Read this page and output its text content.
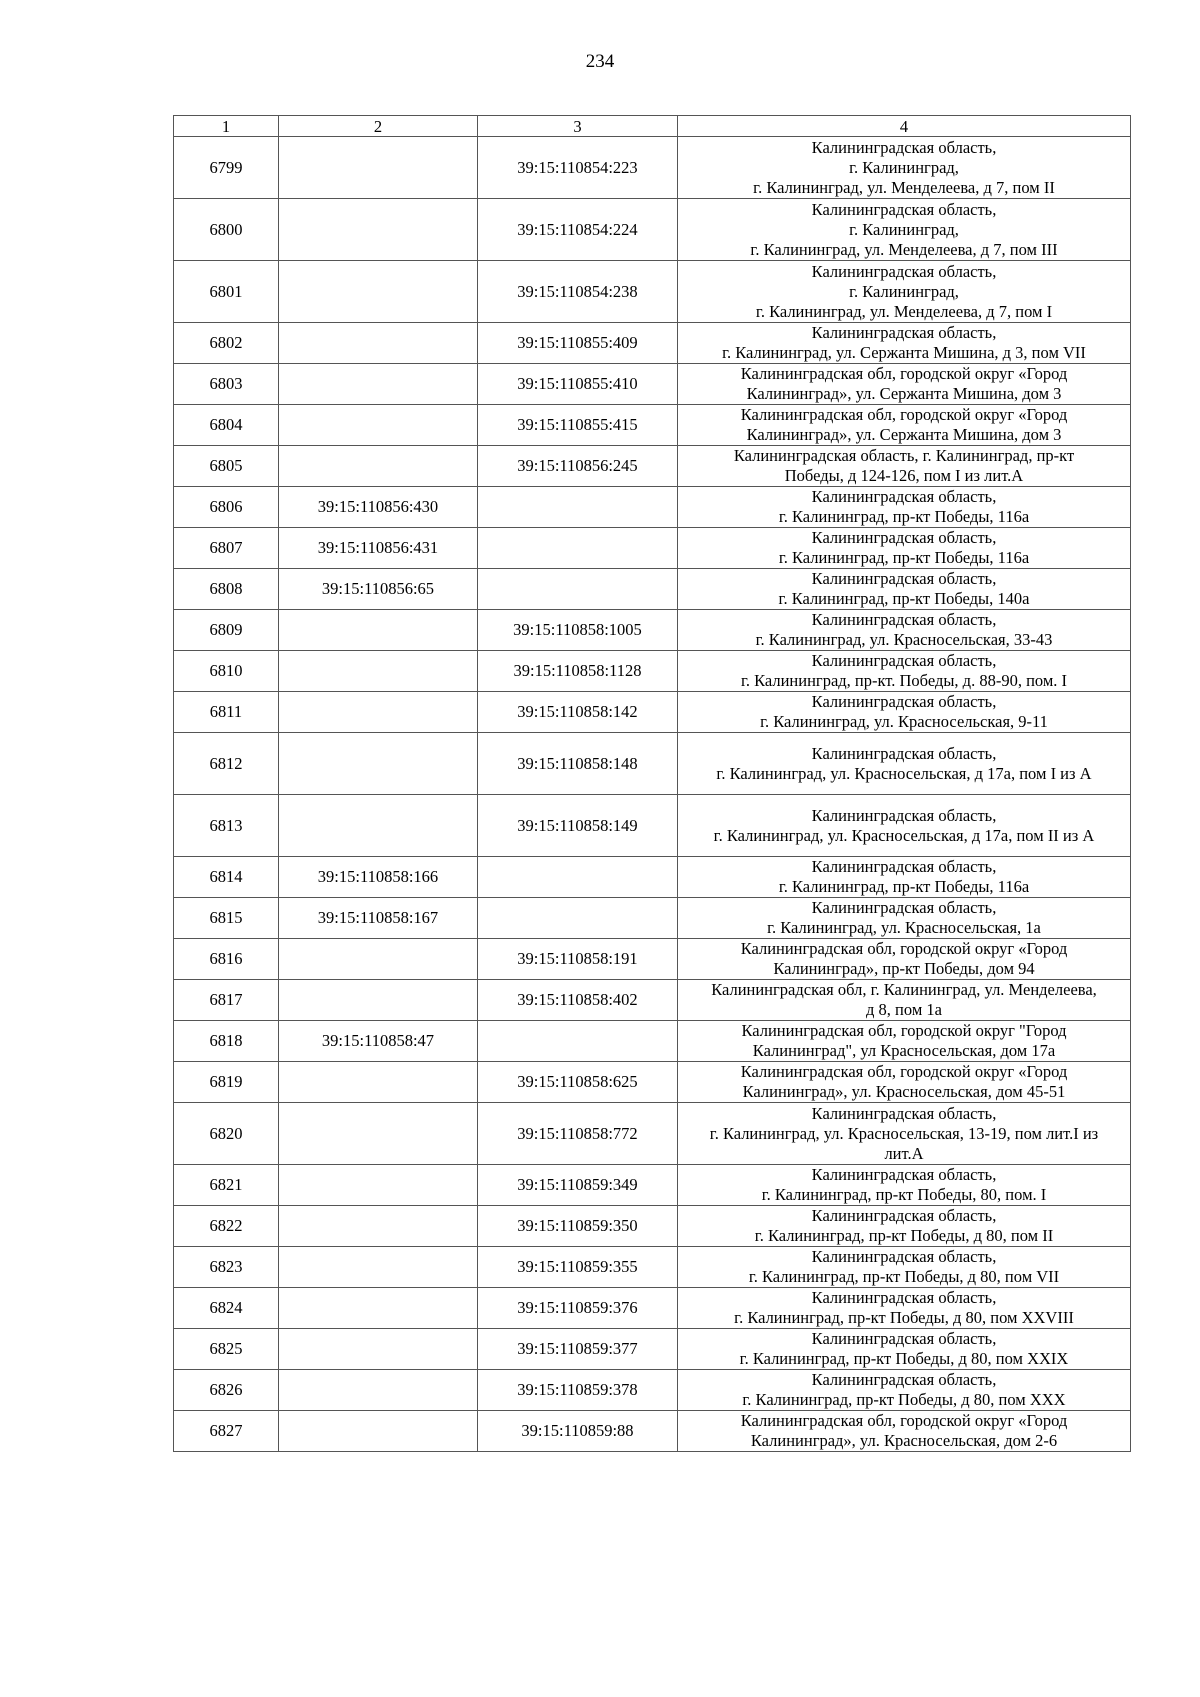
234
1	2	3	4
6799		39:15:110854:223	Калининградская область,
г. Калининград,
г. Калининград, ул. Менделеева, д 7, пом II

6800		39:15:110854:224	Калининградская область,
г. Калининград,
г. Калининград, ул. Менделеева, д 7, пом III

6801		39:15:110854:238	Калининградская область,
г. Калининград,
г. Калининград, ул. Менделеева, д 7, пом I

6802		39:15:110855:409	Калининградская область,
г. Калининград, ул. Сержанта Мишина, д 3, пом VII

6803		39:15:110855:410	Калининградская обл, городской округ «Город
Калининград», ул. Сержанта Мишина, дом 3

6804		39:15:110855:415	Калининградская обл, городской округ «Город
Калининград», ул. Сержанта Мишина, дом 3

6805		39:15:110856:245	Калининградская область, г. Калининград, пр-кт
Победы, д 124-126, пом I из лит.А

6806	39:15:110856:430		Калининградская область,
г. Калининград, пр-кт Победы, 116а

6807	39:15:110856:431		Калининградская область,
г. Калининград, пр-кт Победы, 116а

6808	39:15:110856:65		Калининградская область,
г. Калининград, пр-кт Победы, 140а

6809		39:15:110858:1005	Калининградская область,
г. Калининград, ул. Красносельская, 33-43

6810		39:15:110858:1128	Калининградская область,
г. Калининград, пр-кт. Победы, д. 88-90, пом. I

6811		39:15:110858:142	Калининградская область,
г. Калининград, ул. Красносельская, 9-11

6812		39:15:110858:148	Калининградская область,
г. Калининград, ул. Красносельская, д 17а, пом I из А

6813		39:15:110858:149	Калининградская область,
г. Калининград, ул. Красносельская, д 17а, пом II из А

6814	39:15:110858:166		Калининградская область,
г. Калининград, пр-кт Победы, 116а

6815	39:15:110858:167		Калининградская область,
г. Калининград, ул. Красносельская, 1а

6816		39:15:110858:191	Калининградская обл, городской округ «Город
Калининград», пр-кт Победы, дом 94

6817		39:15:110858:402	Калининградская обл, г. Калининград, ул. Менделеева,
д 8, пом 1а

6818	39:15:110858:47		Калининградская обл, городской округ "Город
Калининград", ул Красносельская, дом 17а

6819		39:15:110858:625	Калининградская обл, городской округ «Город
Калининград», ул. Красносельская, дом 45-51

6820		39:15:110858:772	Калининградская область,
г. Калининград, ул. Красносельская, 13-19, пом лит.I из
лит.А

6821		39:15:110859:349	Калининградская область,
г. Калининград, пр-кт Победы, 80, пом. I

6822		39:15:110859:350	Калининградская область,
г. Калининград, пр-кт Победы, д 80, пом II

6823		39:15:110859:355	Калининградская область,
г. Калининград, пр-кт Победы, д 80, пом VII

6824		39:15:110859:376	Калининградская область,
г. Калининград, пр-кт Победы, д 80, пом XXVIII

6825		39:15:110859:377	Калининградская область,
г. Калининград, пр-кт Победы, д 80, пом XXIX

6826		39:15:110859:378	Калининградская область,
г. Калининград, пр-кт Победы, д 80, пом XXX

6827		39:15:110859:88	Калининградская обл, городской округ «Город
Калининград», ул. Красносельская, дом 2-6
